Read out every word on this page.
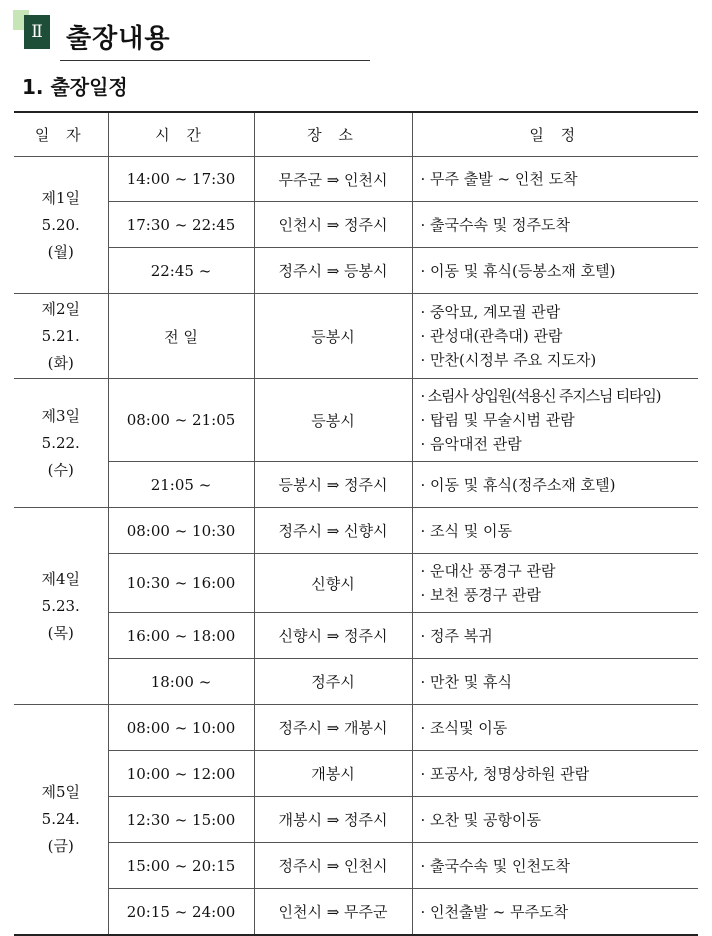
Ⅱ 출장내용
1. 출장일정
일 자	시 간	장 소	일 정

제1일
5.20.
(월)	14:00 ~ 17:30	무주군 ⇒ 인천시	· 무주 출발 ~ 인천 도착

	17:30 ~ 22:45	인천시 ⇒ 정주시	· 출국수속 및 정주도착

	22:45 ~	정주시 ⇒ 등봉시	· 이동 및 휴식(등봉소재 호텔)

제2일
5.21.
(화)	전 일	등봉시	· 중악묘, 계모궐 관람
· 관성대(관측대) 관람
· 만찬(시정부 주요 지도자)

제3일
5.22.
(수)	08:00 ~ 21:05	등봉시	· 소림사 상입원(석용신 주지스님 티타임)
· 탑림 및 무술시범 관람
· 음악대전 관람

	21:05 ~	등봉시 ⇒ 정주시	· 이동 및 휴식(정주소재 호텔)

제4일
5.23.
(목)	08:00 ~ 10:30	정주시 ⇒ 신향시	· 조식 및 이동

	10:30 ~ 16:00	신향시	· 운대산 풍경구 관람
· 보천 풍경구 관람

	16:00 ~ 18:00	신향시 ⇒ 정주시	· 정주 복귀

	18:00 ~	정주시	· 만찬 및 휴식

제5일
5.24.
(금)	08:00 ~ 10:00	정주시 ⇒ 개봉시	· 조식및 이동

	10:00 ~ 12:00	개봉시	· 포공사, 청명상하원 관람

	12:30 ~ 15:00	개봉시 ⇒ 정주시	· 오찬 및 공항이동

	15:00 ~ 20:15	정주시 ⇒ 인천시	· 출국수속 및 인천도착

	20:15 ~ 24:00	인천시 ⇒ 무주군	· 인천출발 ~ 무주도착
